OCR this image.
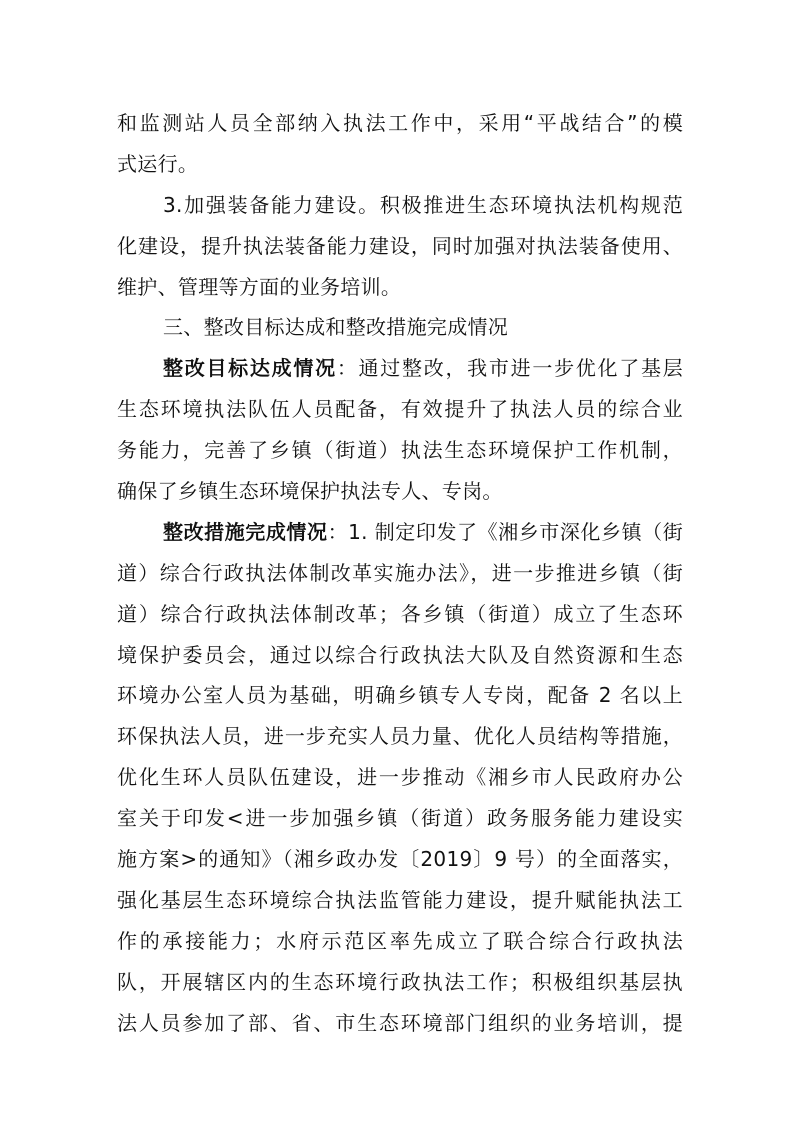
和监测站人员全部纳入执法工作中，采用“平战结合”的模
式运行。
3.加强装备能力建设。积极推进生态环境执法机构规范
化建设，提升执法装备能力建设，同时加强对执法装备使用、
维护、管理等方面的业务培训。
三、整改目标达成和整改措施完成情况
整改目标达成情况：通过整改，我市进一步优化了基层
生态环境执法队伍人员配备，有效提升了执法人员的综合业
务能力，完善了乡镇（街道）执法生态环境保护工作机制，
确保了乡镇生态环境保护执法专人、专岗。
整改措施完成情况：1. 制定印发了《湘乡市深化乡镇（街
道）综合行政执法体制改革实施办法》，进一步推进乡镇（街
道）综合行政执法体制改革；各乡镇（街道）成立了生态环
境保护委员会，通过以综合行政执法大队及自然资源和生态
环境办公室人员为基础，明确乡镇专人专岗，配备 2 名以上
环保执法人员，进一步充实人员力量、优化人员结构等措施，
优化生环人员队伍建设，进一步推动《湘乡市人民政府办公
室关于印发<进一步加强乡镇（街道）政务服务能力建设实
施方案>的通知》（湘乡政办发〔2019〕9 号）的全面落实，
强化基层生态环境综合执法监管能力建设，提升赋能执法工
作的承接能力；水府示范区率先成立了联合综合行政执法
队，开展辖区内的生态环境行政执法工作；积极组织基层执
法人员参加了部、省、市生态环境部门组织的业务培训，提
